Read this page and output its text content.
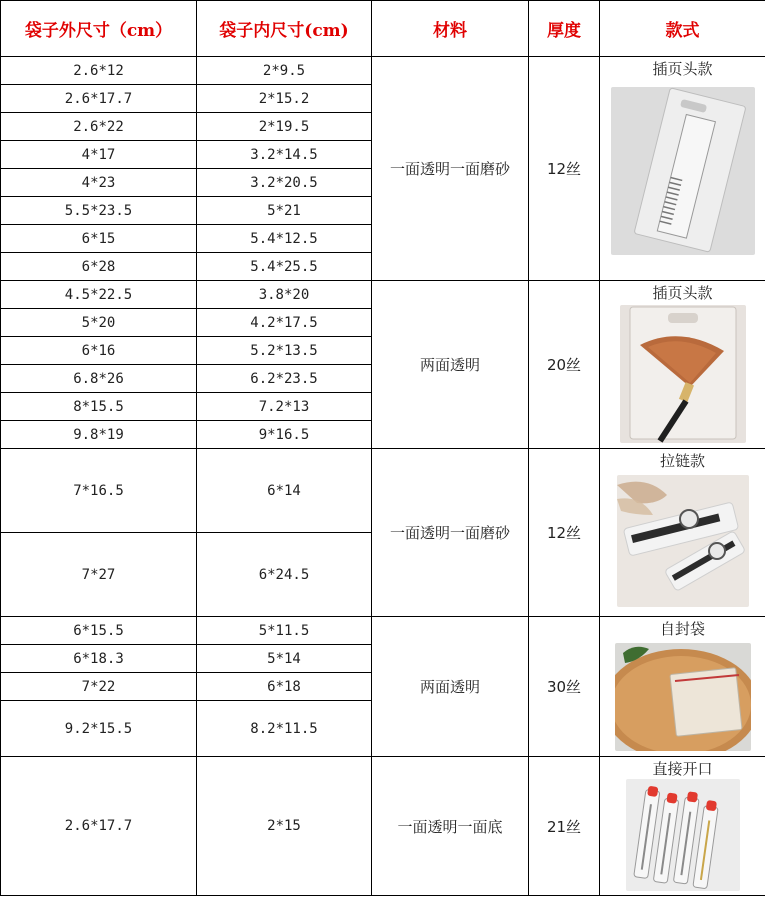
袋子外尺寸（cm）	袋子内尺寸(cm)	材料	厚度	款式
2.6*12	2*9.5	一面透明一面磨砂	12丝	插页头款

2.6*17.7	2*15.2			
2.6*22	2*19.5			
4*17	3.2*14.5			
4*23	3.2*20.5			
5.5*23.5	5*21			
6*15	5.4*12.5			
6*28	5.4*25.5			
4.5*22.5	3.8*20	两面透明	20丝	插页头款

5*20	4.2*17.5			
6*16	5.2*13.5			
6.8*26	6.2*23.5			
8*15.5	7.2*13			
9.8*19	9*16.5			
7*16.5	6*14	一面透明一面磨砂	12丝	拉链款

7*27	6*24.5			
6*15.5	5*11.5	两面透明	30丝	自封袋

6*18.3	5*14			
7*22	6*18			
9.2*15.5	8.2*11.5			
2.6*17.7	2*15	一面透明一面底	21丝	直接开口
